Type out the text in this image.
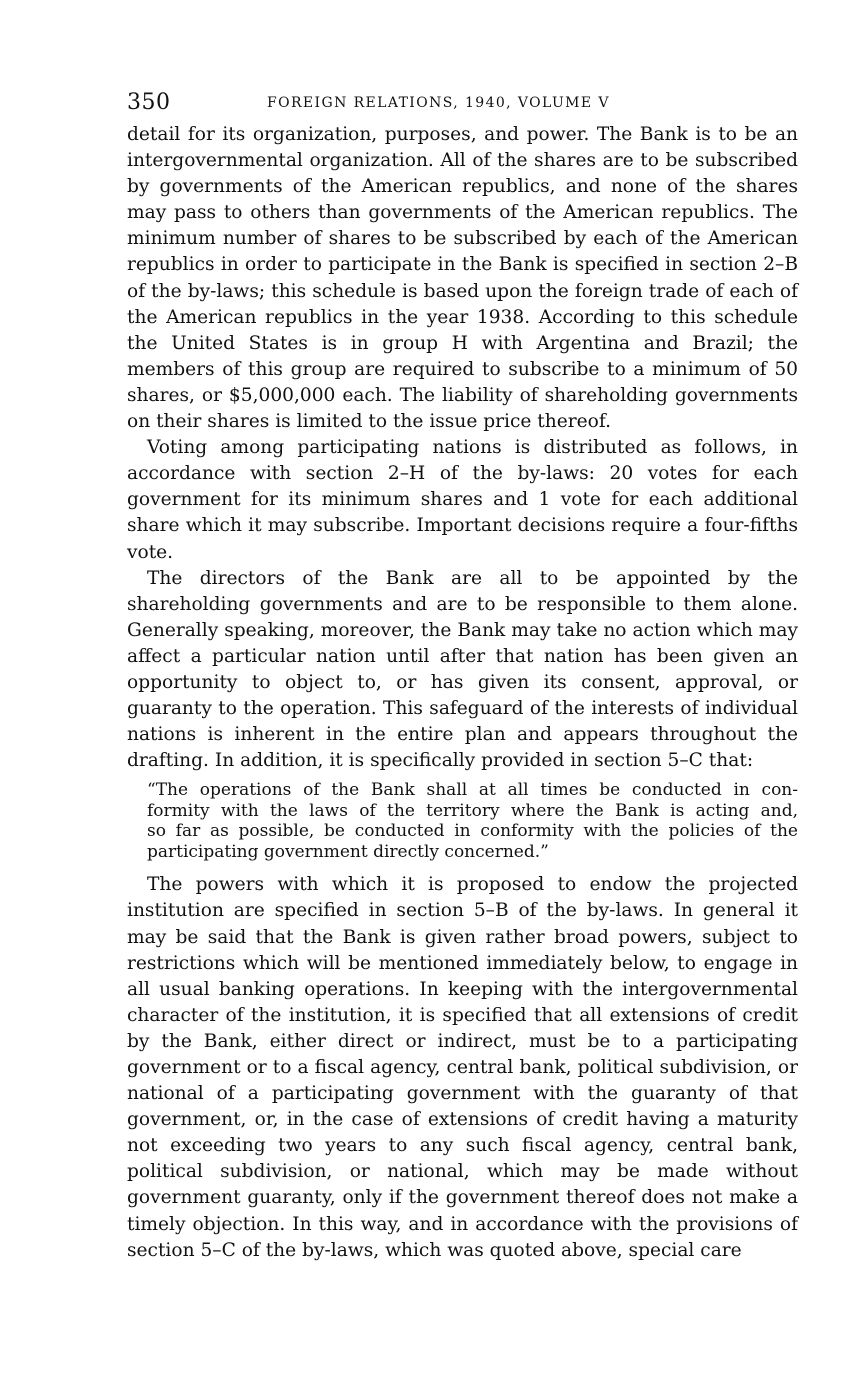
350	FOREIGN RELATIONS, 1940, VOLUME V

detail for its organization, purposes, and power. The Bank is to be an intergovernmental organization. All of the shares are to be subscribed by governments of the American republics, and none of the shares may pass to others than governments of the American republics. The minimum number of shares to be subscribed by each of the American republics in order to participate in the Bank is specified in section 2–B of the by-laws; this schedule is based upon the foreign trade of each of the American republics in the year 1938. According to this schedule the United States is in group H with Argentina and Brazil; the members of this group are required to subscribe to a minimum of 50 shares, or $5,000,000 each. The liability of shareholding governments on their shares is limited to the issue price thereof.

Voting among participating nations is distributed as follows, in accordance with section 2–H of the by-laws: 20 votes for each government for its minimum shares and 1 vote for each additional share which it may subscribe. Important decisions require a four-fifths vote.

The directors of the Bank are all to be appointed by the shareholding governments and are to be responsible to them alone. Generally speaking, moreover, the Bank may take no action which may affect a particular nation until after that nation has been given an opportunity to object to, or has given its consent, approval, or guaranty to the operation. This safeguard of the interests of individual nations is inherent in the entire plan and appears throughout the drafting. In addition, it is specifically provided in section 5–C that:

“The operations of the Bank shall at all times be conducted in con-
formity with the laws of the territory where the Bank is acting and,
so far as possible, be conducted in conformity with the policies of the
participating government directly concerned.”

The powers with which it is proposed to endow the projected institution are specified in section 5–B of the by-laws. In general it may be said that the Bank is given rather broad powers, subject to restrictions which will be mentioned immediately below, to engage in all usual banking operations. In keeping with the intergovernmental character of the institution, it is specified that all extensions of credit by the Bank, either direct or indirect, must be to a participating government or to a fiscal agency, central bank, political subdivision, or national of a participating government with the guaranty of that government, or, in the case of extensions of credit having a maturity not exceeding two years to any such fiscal agency, central bank, political subdivision, or national, which may be made without government guaranty, only if the government thereof does not make a timely objection. In this way, and in accordance with the provisions of section 5–C of the by-laws, which was quoted above, special care
